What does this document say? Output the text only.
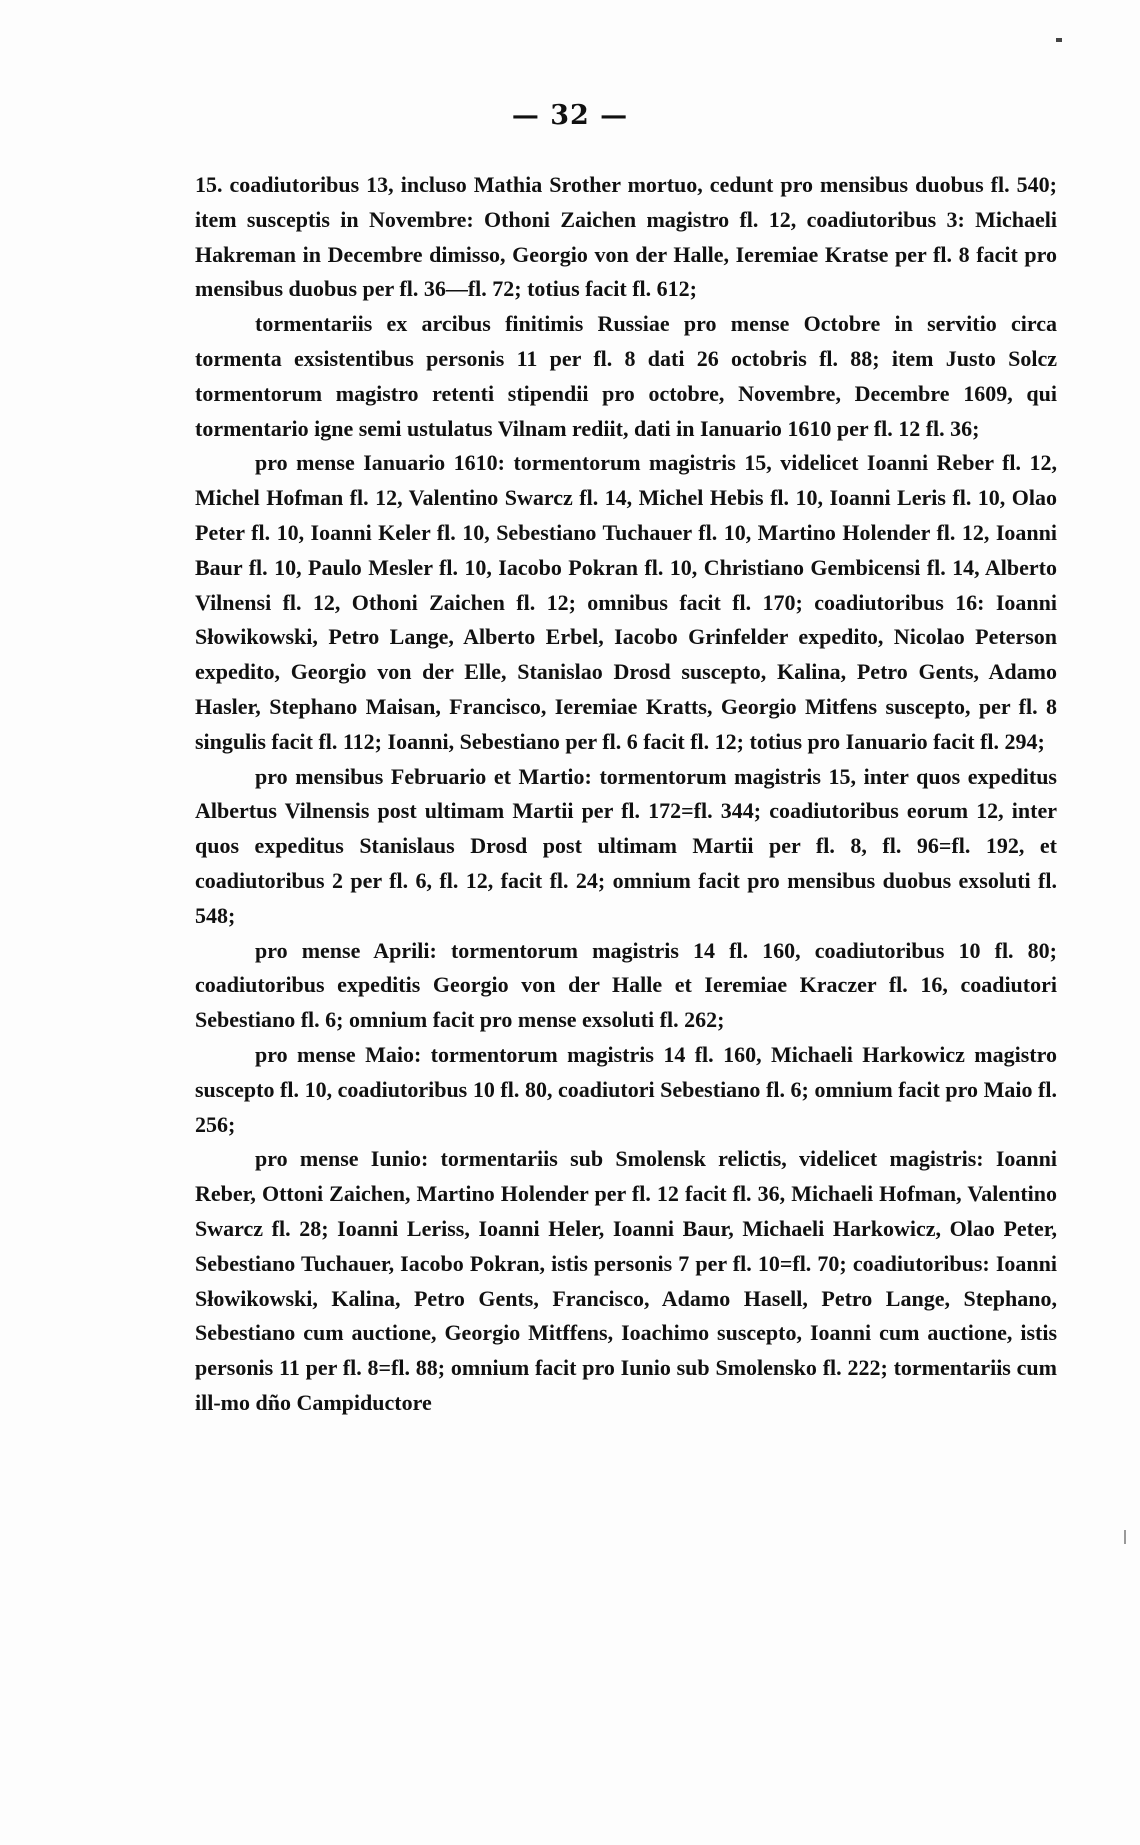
— 32 —

15. coadiutoribus 13, incluso Mathia Srother mortuo, cedunt pro mensibus duobus fl. 540; item susceptis in Novembre: Othoni Zaichen magistro fl. 12, coadiutoribus 3: Michaeli Hakreman in Decembre dimisso, Georgio von der Halle, Ieremiae Kratse per fl. 8 facit pro mensibus duobus per fl. 36—fl. 72; totius facit fl. 612;

tormentariis ex arcibus finitimis Russiae pro mense Octobre in servitio circa tormenta exsistentibus personis 11 per fl. 8 dati 26 octobris fl. 88; item Justo Solcz tormentorum magistro retenti stipendii pro octobre, Novembre, Decembre 1609, qui tormentario igne semi ustulatus Vilnam rediit, dati in Ianuario 1610 per fl. 12 fl. 36;

pro mense Ianuario 1610: tormentorum magistris 15, videlicet Ioanni Reber fl. 12, Michel Hofman fl. 12, Valentino Swarcz fl. 14, Michel Hebis fl. 10, Ioanni Leris fl. 10, Olao Peter fl. 10, Ioanni Keler fl. 10, Sebestiano Tuchauer fl. 10, Martino Holender fl. 12, Ioanni Baur fl. 10, Paulo Mesler fl. 10, Iacobo Pokran fl. 10, Christiano Gembicensi fl. 14, Alberto Vilnensi fl. 12, Othoni Zaichen fl. 12; omnibus facit fl. 170; coadiutoribus 16: Ioanni Słowikowski, Petro Lange, Alberto Erbel, Iacobo Grinfelder expedito, Nicolao Peterson expedito, Georgio von der Elle, Stanislao Drosd suscepto, Kalina, Petro Gents, Adamo Hasler, Stephano Maisan, Francisco, Ieremiae Kratts, Georgio Mitfens suscepto, per fl. 8 singulis facit fl. 112; Ioanni, Sebestiano per fl. 6 facit fl. 12; totius pro Ianuario facit fl. 294;

pro mensibus Februario et Martio: tormentorum magistris 15, inter quos expeditus Albertus Vilnensis post ultimam Martii per fl. 172=fl. 344; coadiutoribus eorum 12, inter quos expeditus Stanislaus Drosd post ultimam Martii per fl. 8, fl. 96=fl. 192, et coadiutoribus 2 per fl. 6, fl. 12, facit fl. 24; omnium facit pro mensibus duobus exsoluti fl. 548;

pro mense Aprili: tormentorum magistris 14 fl. 160, coadiutoribus 10 fl. 80; coadiutoribus expeditis Georgio von der Halle et Ieremiae Kraczer fl. 16, coadiutori Sebestiano fl. 6; omnium facit pro mense exsoluti fl. 262;

pro mense Maio: tormentorum magistris 14 fl. 160, Michaeli Harkowicz magistro suscepto fl. 10, coadiutoribus 10 fl. 80, coadiutori Sebestiano fl. 6; omnium facit pro Maio fl. 256;

pro mense Iunio: tormentariis sub Smolensk relictis, videlicet magistris: Ioanni Reber, Ottoni Zaichen, Martino Holender per fl. 12 facit fl. 36, Michaeli Hofman, Valentino Swarcz fl. 28; Ioanni Leriss, Ioanni Heler, Ioanni Baur, Michaeli Harkowicz, Olao Peter, Sebestiano Tuchauer, Iacobo Pokran, istis personis 7 per fl. 10=fl. 70; coadiutoribus: Ioanni Słowikowski, Kalina, Petro Gents, Francisco, Adamo Hasell, Petro Lange, Stephano, Sebestiano cum auctione, Georgio Mitffens, Ioachimo suscepto, Ioanni cum auctione, istis personis 11 per fl. 8=fl. 88; omnium facit pro Iunio sub Smolensko fl. 222; tormentariis cum ill-mo dño Campiductore
